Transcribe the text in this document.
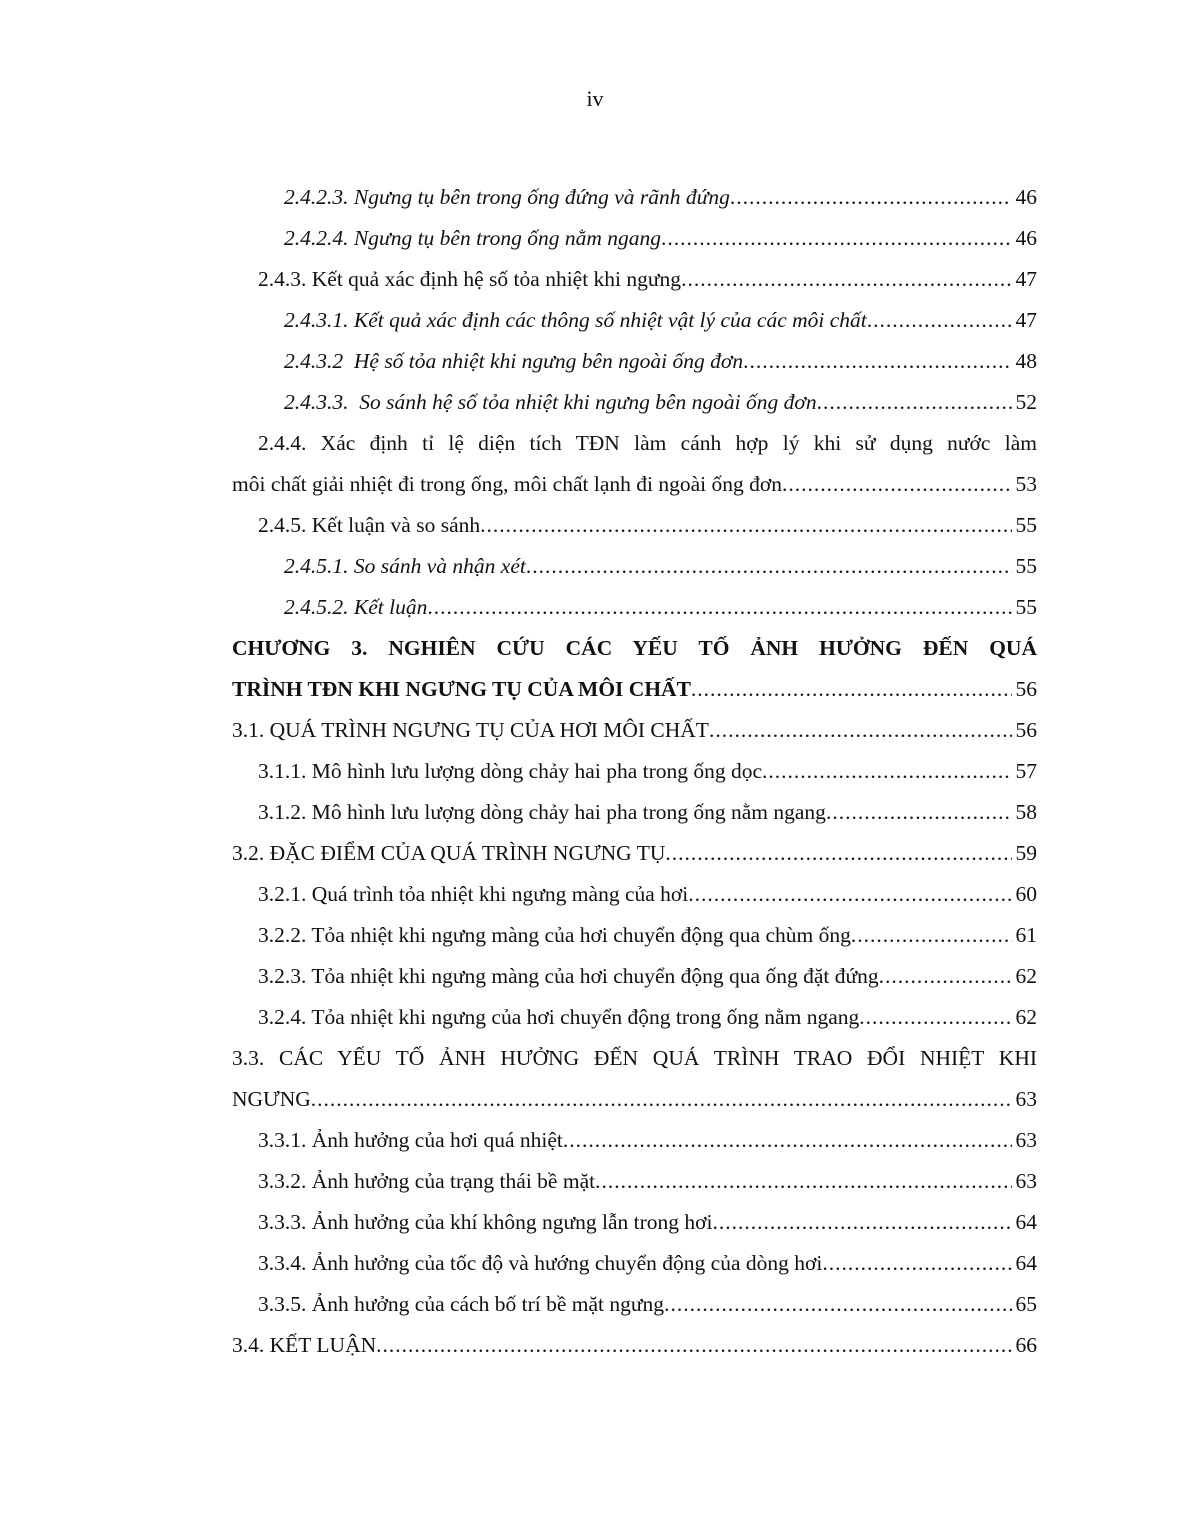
iv
2.4.2.3. Ngưng tụ bên trong ống đứng và rãnh đứng .....	46
2.4.2.4. Ngưng tụ bên trong ống nằm ngang .....	46
2.4.3. Kết quả xác định hệ số tỏa nhiệt khi ngưng .....	47
2.4.3.1. Kết quả xác định các thông số nhiệt vật lý của các môi chất .....	47
2.4.3.2  Hệ số tỏa nhiệt khi ngưng bên ngoài ống đơn .....	48
2.4.3.3.  So sánh hệ số tỏa nhiệt khi ngưng bên ngoài ống đơn .....	52
2.4.4. Xác định tỉ lệ diện tích TĐN làm cánh hợp lý khi sử dụng nước làm
môi chất giải nhiệt đi trong ống, môi chất lạnh đi ngoài ống đơn .....	53
2.4.5. Kết luận và so sánh .....	55
2.4.5.1. So sánh và nhận xét .....	55
2.4.5.2. Kết luận .....	55
CHƯƠNG 3. NGHIÊN CỨU CÁC YẾU TỐ ẢNH HƯỞNG ĐẾN QUÁ
TRÌNH TĐN KHI NGƯNG TỤ CỦA MÔI CHẤT .....	56
3.1. QUÁ TRÌNH NGƯNG TỤ CỦA HƠI MÔI CHẤT .....	56
3.1.1. Mô hình lưu lượng dòng chảy hai pha trong ống dọc .....	57
3.1.2. Mô hình lưu lượng dòng chảy hai pha trong ống nằm ngang .....	58
3.2. ĐẶC ĐIỂM CỦA QUÁ TRÌNH NGƯNG TỤ .....	59
3.2.1. Quá trình tỏa nhiệt khi ngưng màng của hơi .....	60
3.2.2. Tỏa nhiệt khi ngưng màng của hơi chuyển động qua chùm ống .....	61
3.2.3. Tỏa nhiệt khi ngưng màng của hơi chuyển động qua ống đặt đứng .....	62
3.2.4. Tỏa nhiệt khi ngưng của hơi chuyển động trong ống nằm ngang .....	62
3.3. CÁC YẾU TỐ ẢNH HƯỞNG ĐẾN QUÁ TRÌNH TRAO ĐỔI NHIỆT KHI
NGƯNG .....	63
3.3.1. Ảnh hưởng của hơi quá nhiệt .....	63
3.3.2. Ảnh hưởng của trạng thái bề mặt .....	63
3.3.3. Ảnh hưởng của khí không ngưng lẫn trong hơi .....	64
3.3.4. Ảnh hưởng của tốc độ và hướng chuyển động của dòng hơi .....	64
3.3.5. Ảnh hưởng của cách bố trí bề mặt ngưng .....	65
3.4. KẾT LUẬN .....	66
